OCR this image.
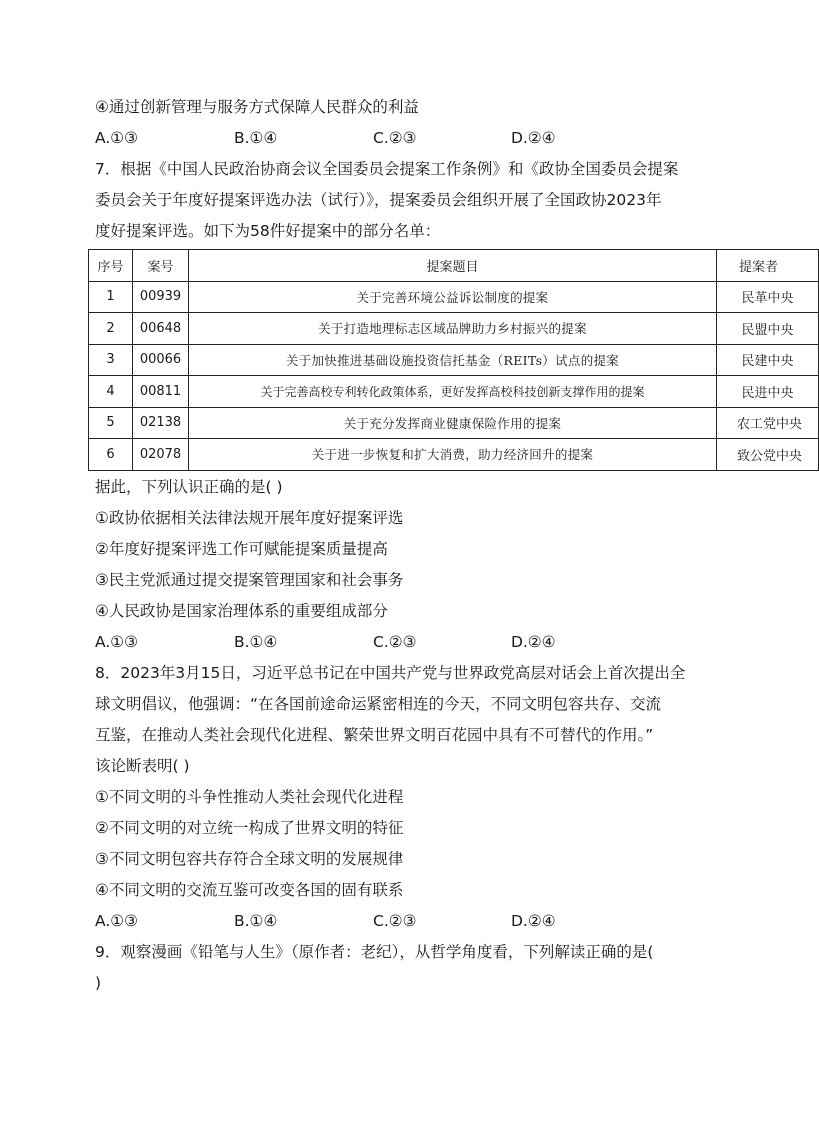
④通过创新管理与服务方式保障人民群众的利益
A.①③	B.①④	C.②③	D.②④
7．根据《中国人民政治协商会议全国委员会提案工作条例》和《政协全国委员会提案
委员会关于年度好提案评选办法（试行）》，提案委员会组织开展了全国政协2023年
度好提案评选。如下为58件好提案中的部分名单：
序号	案号	提案题目	提案者
1	00939	关于完善环境公益诉讼制度的提案	民革中央
2	00648	关于打造地理标志区域品牌助力乡村振兴的提案	民盟中央
3	00066	关于加快推进基础设施投资信托基金（REITs）试点的提案	民建中央
4	00811	关于完善高校专利转化政策体系，更好发挥高校科技创新支撑作用的提案	民进中央
5	02138	关于充分发挥商业健康保险作用的提案	农工党中央
6	02078	关于进一步恢复和扩大消费，助力经济回升的提案	致公党中央
据此，下列认识正确的是( )
①政协依据相关法律法规开展年度好提案评选
②年度好提案评选工作可赋能提案质量提高
③民主党派通过提交提案管理国家和社会事务
④人民政协是国家治理体系的重要组成部分
A.①③	B.①④	C.②③	D.②④
8．2023年3月15日，习近平总书记在中国共产党与世界政党高层对话会上首次提出全
球文明倡议，他强调：“在各国前途命运紧密相连的今天，不同文明包容共存、交流
互鉴，在推动人类社会现代化进程、繁荣世界文明百花园中具有不可替代的作用。”
该论断表明( )
①不同文明的斗争性推动人类社会现代化进程
②不同文明的对立统一构成了世界文明的特征
③不同文明包容共存符合全球文明的发展规律
④不同文明的交流互鉴可改变各国的固有联系
A.①③	B.①④	C.②③	D.②④
9．观察漫画《铅笔与人生》（原作者：老纪），从哲学角度看，下列解读正确的是(
)
